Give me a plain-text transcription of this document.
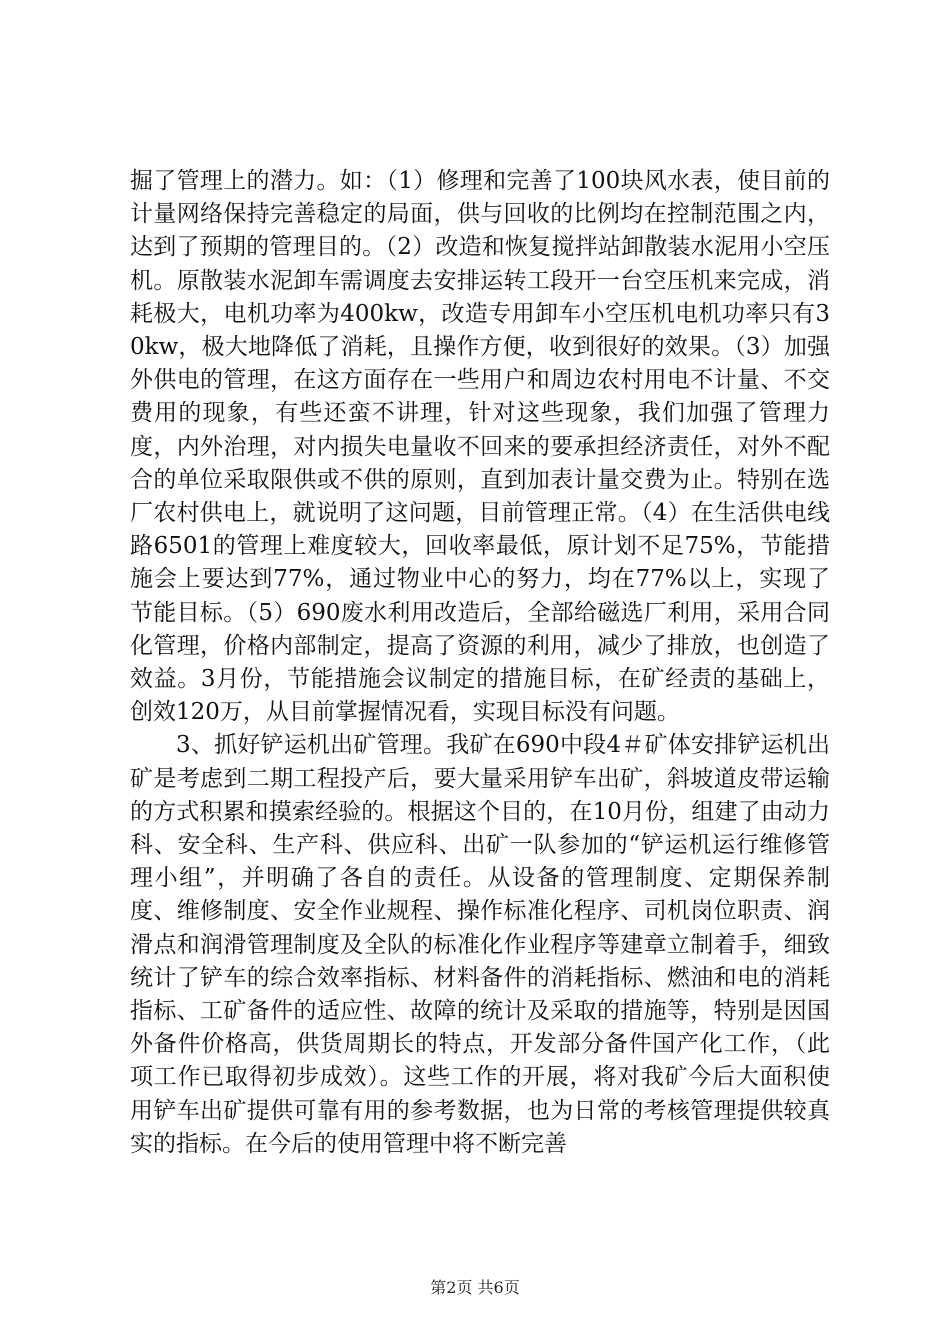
掘了管理上的潜力。如：（1）修理和完善了100块风水表，使目前的计量网络保持完善稳定的局面，供与回收的比例均在控制范围之内，达到了预期的管理目的。（2）改造和恢复搅拌站卸散装水泥用小空压机。原散装水泥卸车需调度去安排运转工段开一台空压机来完成，消耗极大，电机功率为400kw，改造专用卸车小空压机电机功率只有30kw，极大地降低了消耗，且操作方便，收到很好的效果。（3）加强外供电的管理，在这方面存在一些用户和周边农村用电不计量、不交费用的现象，有些还蛮不讲理，针对这些现象，我们加强了管理力度，内外治理，对内损失电量收不回来的要承担经济责任，对外不配合的单位采取限供或不供的原则，直到加表计量交费为止。特别在选厂农村供电上，就说明了这问题，目前管理正常。（4）在生活供电线路6501的管理上难度较大，回收率最低，原计划不足75%，节能措施会上要达到77%，通过物业中心的努力，均在77%以上，实现了节能目标。（5）690废水利用改造后，全部给磁选厂利用，采用合同化管理，价格内部制定，提高了资源的利用，减少了排放，也创造了效益。3月份，节能措施会议制定的措施目标，在矿经责的基础上，创效120万，从目前掌握情况看，实现目标没有问题。

3、抓好铲运机出矿管理。我矿在690中段4＃矿体安排铲运机出矿是考虑到二期工程投产后，要大量采用铲车出矿，斜坡道皮带运输的方式积累和摸索经验的。根据这个目的，在10月份，组建了由动力科、安全科、生产科、供应科、出矿一队参加的“铲运机运行维修管理小组”，并明确了各自的责任。从设备的管理制度、定期保养制度、维修制度、安全作业规程、操作标准化程序、司机岗位职责、润滑点和润滑管理制度及全队的标准化作业程序等建章立制着手，细致统计了铲车的综合效率指标、材料备件的消耗指标、燃油和电的消耗指标、工矿备件的适应性、故障的统计及采取的措施等，特别是因国外备件价格高，供货周期长的特点，开发部分备件国产化工作，（此项工作已取得初步成效）。这些工作的开展，将对我矿今后大面积使用铲车出矿提供可靠有用的参考数据，也为日常的考核管理提供较真实的指标。在今后的使用管理中将不断完善

第2页 共6页
